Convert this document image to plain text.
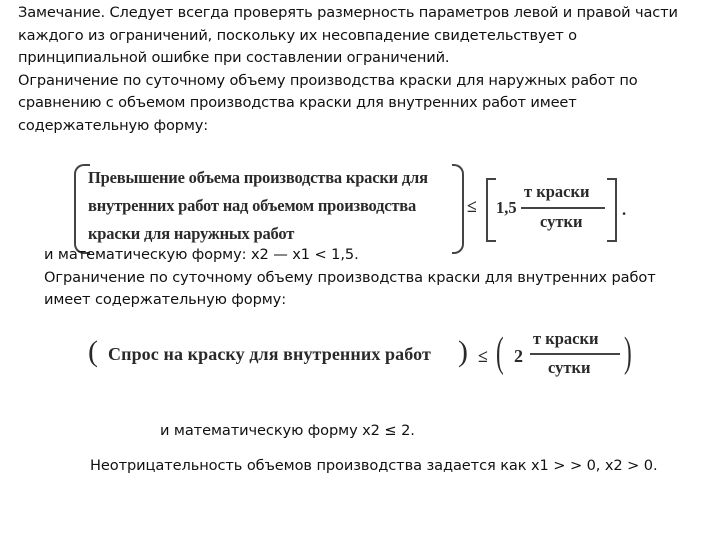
Замечание. Следует всегда проверять размерность параметров левой и правой части
каждого из ограничений, поскольку их несовпадение свидетельствует о
принципиальной ошибке при составлении ограничений.
Ограничение по суточному объему производства краски для наружных работ по
сравнению с объемом производства краски для внутренних работ имеет
содержательную форму:
Превышение объема производства краски для
внутренних работ над объемом производства
краски для наружных работ
≤ 1,5
т краски
сутки
.
и математическую форму: x2 — x1 < 1,5.
Ограничение по суточному объему производства краски для внутренних работ
имеет содержательную форму:
( Спрос на краску для внутренних работ ) ≤ ( 2
т краски
сутки )
и математическую форму x2 ≤ 2.
Неотрицательность объемов производства задается как x1 > > 0, x2 > 0.
